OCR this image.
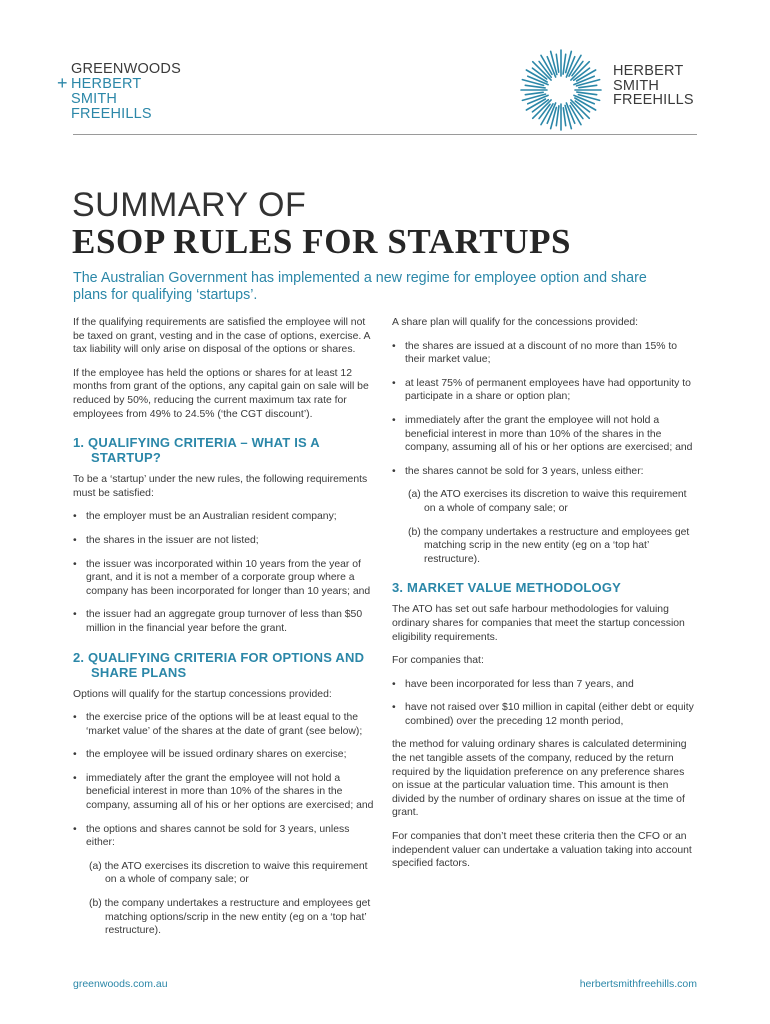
GREENWOODS
+ HERBERT
SMITH
FREEHILLS
HERBERT
SMITH
FREEHILLS
SUMMARY OF
ESOP RULES FOR STARTUPS
The Australian Government has implemented a new regime for employee option and share plans for qualifying ‘startups’.

If the qualifying requirements are satisfied the employee will not be taxed on grant, vesting and in the case of options, exercise. A tax liability will only arise on disposal of the options or shares.

If the employee has held the options or shares for at least 12 months from grant of the options, any capital gain on sale will be reduced by 50%, reducing the current maximum tax rate for employees from 49% to 24.5% (‘the CGT discount’).

1. QUALIFYING CRITERIA – WHAT IS A STARTUP?

To be a ‘startup’ under the new rules, the following requirements must be satisfied:

• the employer must be an Australian resident company;
• the shares in the issuer are not listed;
• the issuer was incorporated within 10 years from the year of grant, and it is not a member of a corporate group where a company has been incorporated for longer than 10 years; and
• the issuer had an aggregate group turnover of less than $50 million in the financial year before the grant.
2. QUALIFYING CRITERIA FOR OPTIONS AND SHARE PLANS

Options will qualify for the startup concessions provided:

• the exercise price of the options will be at least equal to the ‘market value’ of the shares at the date of grant (see below);
• the employee will be issued ordinary shares on exercise;
• immediately after the grant the employee will not hold a beneficial interest in more than 10% of the shares in the company, assuming all of his or her options are exercised; and
• the options and shares cannot be sold for 3 years, unless either:

(a) the ATO exercises its discretion to waive this requirement on a whole of company sale; or

(b) the company undertakes a restructure and employees get matching options/scrip in the new entity (eg on a ‘top hat’ restructure).

A share plan will qualify for the concessions provided:

• the shares are issued at a discount of no more than 15% to their market value;
• at least 75% of permanent employees have had opportunity to participate in a share or option plan;
• immediately after the grant the employee will not hold a beneficial interest in more than 10% of the shares in the company, assuming all of his or her options are exercised; and
• the shares cannot be sold for 3 years, unless either:

(a) the ATO exercises its discretion to waive this requirement on a whole of company sale; or

(b) the company undertakes a restructure and employees get matching scrip in the new entity (eg on a ‘top hat’ restructure).

3. MARKET VALUE METHODOLOGY

The ATO has set out safe harbour methodologies for valuing ordinary shares for companies that meet the startup concession eligibility requirements.

For companies that:

• have been incorporated for less than 7 years, and
• have not raised over $10 million in capital (either debt or equity combined) over the preceding 12 month period,

the method for valuing ordinary shares is calculated determining the net tangible assets of the company, reduced by the return required by the liquidation preference on any preference shares on issue at the particular valuation time. This amount is then divided by the number of ordinary shares on issue at the time of grant.

For companies that don’t meet these criteria then the CFO or an independent valuer can undertake a valuation taking into account specified factors.

greenwoods.com.au	herbertsmithfreehills.com
